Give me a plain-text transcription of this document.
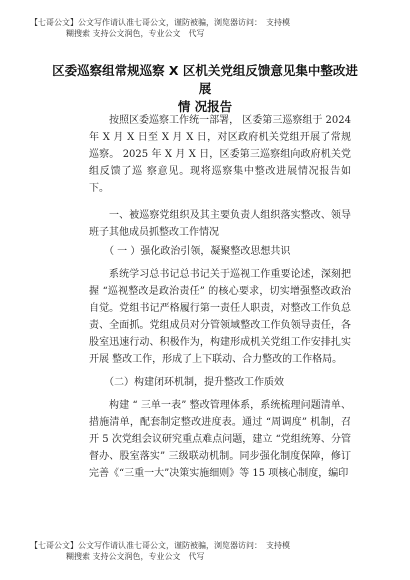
【七哥公文】公文写作请认准七哥公文，谨防被骗，浏览器访问：　支持模
糊搜索 支持公文润色，专业公文　代写
区委巡察组常规巡察 X 区机关党组反馈意见集中整改进展
情 况报告

按照区委巡察工作统一部署， 区委第三巡察组于 2024 年 X 月 X 日至 X 月 X 日，对区政府机关党组开展了常规巡察。 2025 年 X 月 X 日，区委第三巡察组向政府机关党组反馈了巡 察意见。现将巡察集中整改进展情况报告如下。

一、被巡察党组织及其主要负责人组织落实整改、领导班子其他成员抓整改工作情况

（ 一 ）强化政治引领，凝聚整改思想共识

系统学习总书记总书记关于巡视工作重要论述，深刻把握 “巡视整改是政治责任” 的核心要求，切实增强整改政治 自觉。党组书记严格履行第一责任人职责，对整改工作负总 责、全面抓。党组成员对分管领域整改工作负领导责任，各 股室迅速行动、积极作为，构建形成机关党组工作安排扎实开展 整改工作，形成了上下联动、合力整改的工作格局。

（二）构建闭环机制，提升整改工作质效

构建 “ 三单一表” 整改管理体系，系统梳理问题清单、 措施清单，配套制定整改进度表。通过 “周调度” 机制，召 开 5 次党组会议研究重点难点问题，建立 “党组统筹、分管 督办、股室落实” 三级联动机制。同步强化制度保障，修订 完善《“三重一大”决策实施细则》等 15 项核心制度，编印

【七哥公文】公文写作请认准七哥公文，谨防被骗，浏览器访问：　支持模
糊搜索 支持公文润色，专业公文　代写
